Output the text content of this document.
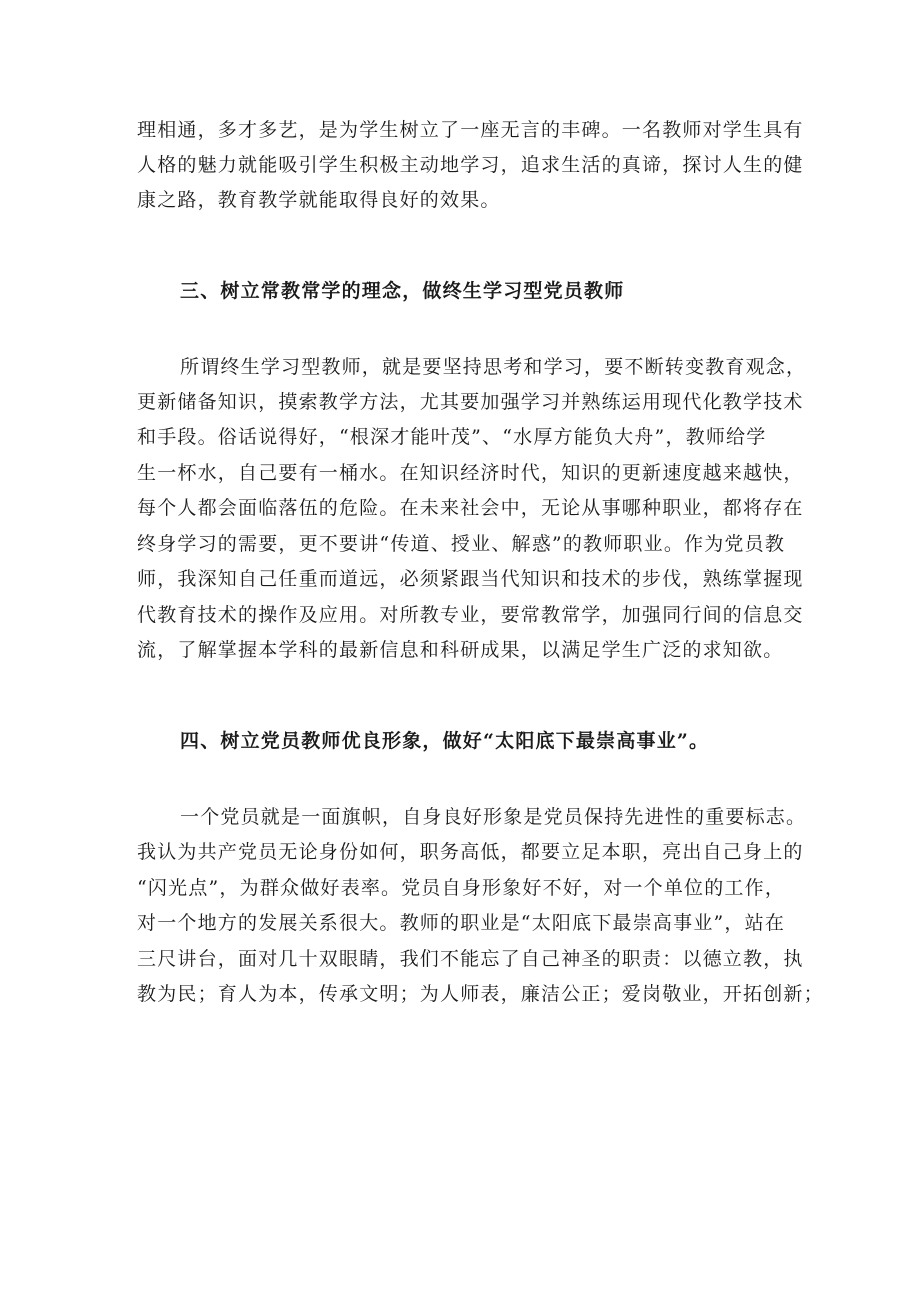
理相通，多才多艺，是为学生树立了一座无言的丰碑。一名教师对学生具有
人格的魅力就能吸引学生积极主动地学习，追求生活的真谛，探讨人生的健
康之路，教育教学就能取得良好的效果。
三、树立常教常学的理念，做终生学习型党员教师
所谓终生学习型教师，就是要坚持思考和学习，要不断转变教育观念，
更新储备知识，摸索教学方法，尤其要加强学习并熟练运用现代化教学技术
和手段。俗话说得好，“根深才能叶茂”、“水厚方能负大舟”，教师给学
生一杯水，自己要有一桶水。在知识经济时代，知识的更新速度越来越快，
每个人都会面临落伍的危险。在未来社会中，无论从事哪种职业，都将存在
终身学习的需要，更不要讲“传道、授业、解惑”的教师职业。作为党员教
师，我深知自己任重而道远，必须紧跟当代知识和技术的步伐，熟练掌握现
代教育技术的操作及应用。对所教专业，要常教常学，加强同行间的信息交
流，了解掌握本学科的最新信息和科研成果，以满足学生广泛的求知欲。
四、树立党员教师优良形象，做好“太阳底下最崇高事业”。
一个党员就是一面旗帜，自身良好形象是党员保持先进性的重要标志。
我认为共产党员无论身份如何，职务高低，都要立足本职，亮出自己身上的
“闪光点”，为群众做好表率。党员自身形象好不好，对一个单位的工作，
对一个地方的发展关系很大。教师的职业是“太阳底下最崇高事业”，站在
三尺讲台，面对几十双眼睛，我们不能忘了自己神圣的职责：以德立教，执
教为民；育人为本，传承文明；为人师表，廉洁公正；爱岗敬业，开拓创新；
